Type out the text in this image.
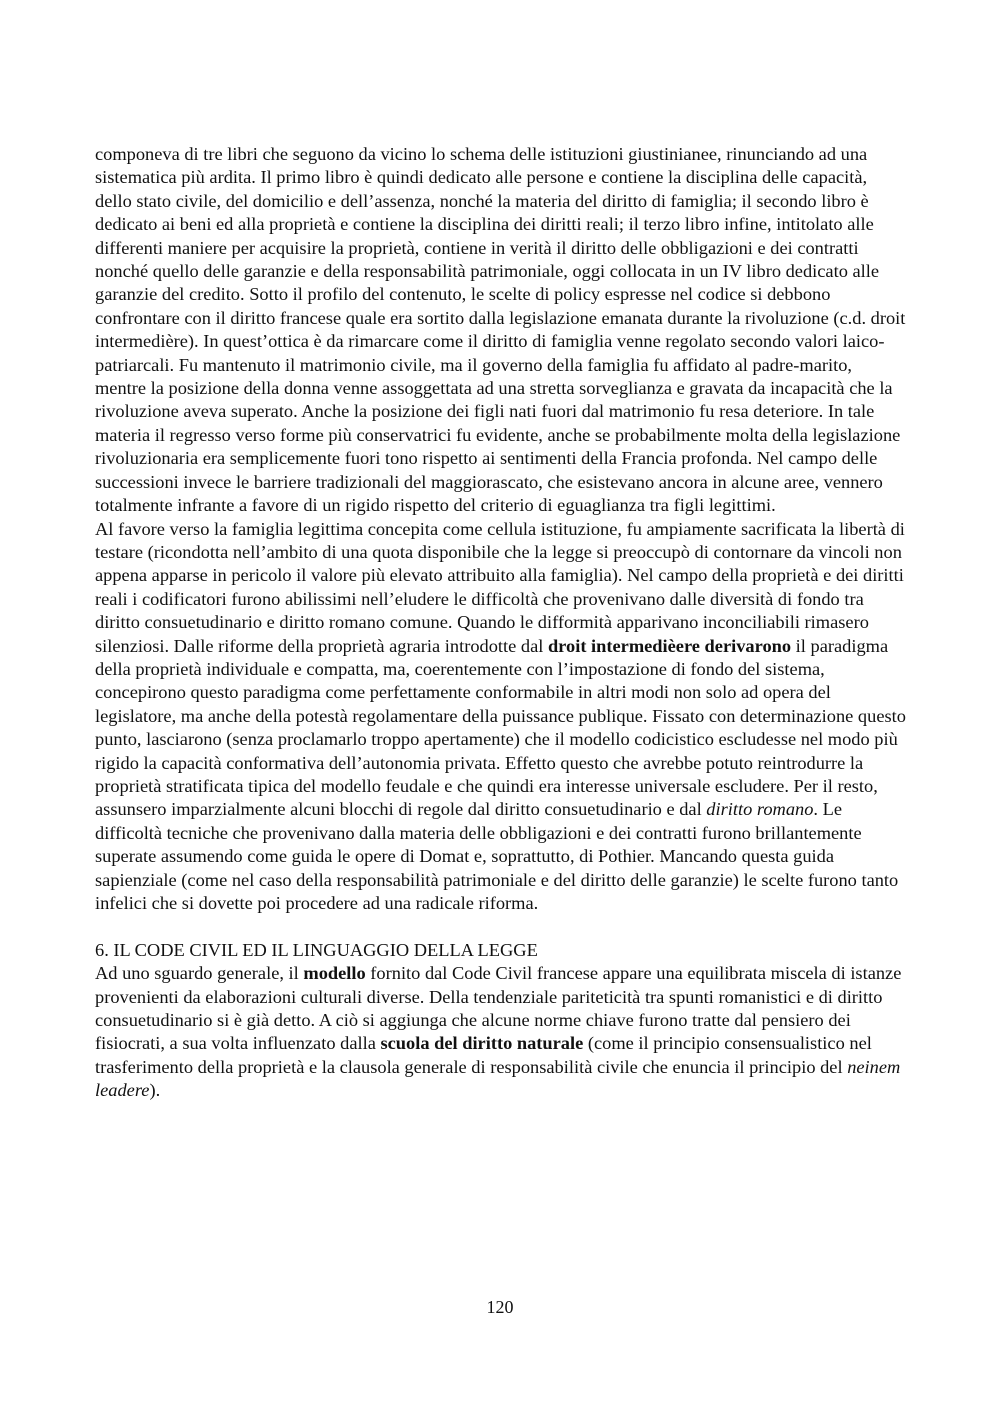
componeva di tre libri che seguono da vicino lo schema delle istituzioni giustinianee, rinunciando ad una sistematica più ardita. Il primo libro è quindi dedicato alle persone e contiene la disciplina delle capacità, dello stato civile, del domicilio e dell’assenza, nonché la materia del diritto di famiglia; il secondo libro è dedicato ai beni ed alla proprietà e contiene la disciplina dei diritti reali; il terzo libro infine, intitolato alle differenti maniere per acquisire la proprietà, contiene in verità il diritto delle obbligazioni e dei contratti nonché quello delle garanzie e della responsabilità patrimoniale, oggi collocata in un IV libro dedicato alle garanzie del credito. Sotto il profilo del contenuto, le scelte di policy espresse nel codice si debbono confrontare con il diritto francese quale era sortito dalla legislazione emanata durante la rivoluzione (c.d. droit intermediѐre). In quest’ottica è da rimarcare come il diritto di famiglia venne regolato secondo valori laico-patriarcali. Fu mantenuto il matrimonio civile, ma il governo della famiglia fu affidato al padre-marito, mentre la posizione della donna venne assoggettata ad una stretta sorveglianza e gravata da incapacità che la rivoluzione aveva superato. Anche la posizione dei figli nati fuori dal matrimonio fu resa deteriore. In tale materia il regresso verso forme più conservatrici fu evidente, anche se probabilmente molta della legislazione rivoluzionaria era semplicemente fuori tono rispetto ai sentimenti della Francia profonda. Nel campo delle successioni invece le barriere tradizionali del maggiorascato, che esistevano ancora in alcune aree, vennero totalmente infrante a favore di un rigido rispetto del criterio di eguaglianza tra figli legittimi.

Al favore verso la famiglia legittima concepita come cellula istituzione, fu ampiamente sacrificata la libertà di testare (ricondotta nell’ambito di una quota disponibile che la legge si preoccupò di contornare da vincoli non appena apparse in pericolo il valore più elevato attribuito alla famiglia). Nel campo della proprietà e dei diritti reali i codificatori furono abilissimi nell’eludere le difficoltà che provenivano dalle diversità di fondo tra diritto consuetudinario e diritto romano comune. Quando le difformità apparivano inconciliabili rimasero silenziosi. Dalle riforme della proprietà agraria introdotte dal droit intermediѐere derivarono il paradigma della proprietà individuale e compatta, ma, coerentemente con l’impostazione di fondo del sistema, concepirono questo paradigma come perfettamente conformabile in altri modi non solo ad opera del legislatore, ma anche della potestà regolamentare della puissance publique. Fissato con determinazione questo punto, lasciarono (senza proclamarlo troppo apertamente) che il modello codicistico escludesse nel modo più rigido la capacità conformativa dell’autonomia privata. Effetto questo che avrebbe potuto reintrodurre la proprietà stratificata tipica del modello feudale e che quindi era interesse universale escludere. Per il resto, assunsero imparzialmente alcuni blocchi di regole dal diritto consuetudinario e dal diritto romano. Le difficoltà tecniche che provenivano dalla materia delle obbligazioni e dei contratti furono brillantemente superate assumendo come guida le opere di Domat e, soprattutto, di Pothier. Mancando questa guida sapienziale (come nel caso della responsabilità patrimoniale e del diritto delle garanzie) le scelte furono tanto infelici che si dovette poi procedere ad una radicale riforma.

6. IL CODE CIVIL ED IL LINGUAGGIO DELLA LEGGE

Ad uno sguardo generale, il modello fornito dal Code Civil francese appare una equilibrata miscela di istanze provenienti da elaborazioni culturali diverse. Della tendenziale pariteticità tra spunti romanistici e di diritto consuetudinario si è già detto. A ciò si aggiunga che alcune norme chiave furono tratte dal pensiero dei fisiocrati, a sua volta influenzato dalla scuola del diritto naturale (come il principio consensualistico nel trasferimento della proprietà e la clausola generale di responsabilità civile che enuncia il principio del neinem leadere).

120
